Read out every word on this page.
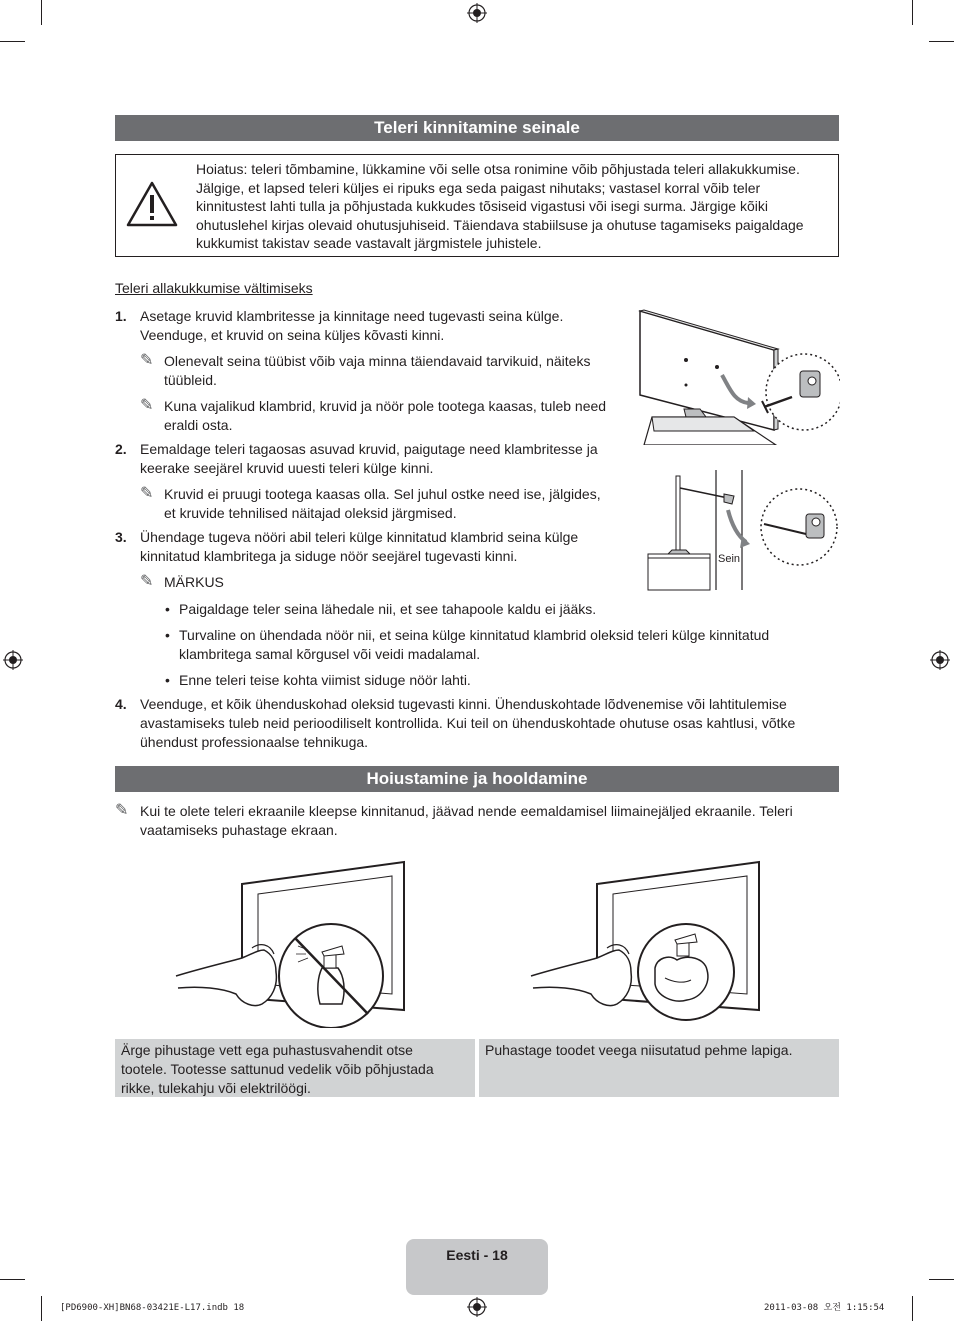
Teleri kinnitamine seinale
Hoiatus: teleri tõmbamine, lükkamine või selle otsa ronimine võib põhjustada teleri allakukkumise. Jälgige, et lapsed teleri küljes ei ripuks ega seda paigast nihutaks; vastasel korral võib teler kinnitustest lahti tulla ja põhjustada kukkudes tõsiseid vigastusi või isegi surma. Järgige kõiki ohutuslehel kirjas olevaid ohutusjuhiseid. Täiendava stabiilsuse ja ohutuse tagamiseks paigaldage kukkumist takistav seade vastavalt järgmistele juhistele.
Teleri allakukkumise vältimiseks
1. Asetage kruvid klambritesse ja kinnitage need tugevasti seina külge.
Veenduge, et kruvid on seina küljes kõvasti kinni.
✎ Olenevalt seina tüübist võib vaja minna täiendavaid tarvikuid, näiteks
tüübleid.
✎ Kuna vajalikud klambrid, kruvid ja nöör pole tootega kaasas, tuleb need
eraldi osta.
2. Eemaldage teleri tagaosas asuvad kruvid, paigutage need klambritesse ja
keerake seejärel kruvid uuesti teleri külge kinni.
✎ Kruvid ei pruugi tootega kaasas olla. Sel juhul ostke need ise, jälgides,
et kruvide tehnilised näitajad oleksid järgmised.
3. Ühendage tugeva nööri abil teleri külge kinnitatud klambrid seina külge
kinnitatud klambritega ja siduge nöör seejärel tugevasti kinni.
✎ MÄRKUS
• Paigaldage teler seina lähedale nii, et see tahapoole kaldu ei jääks.
• Turvaline on ühendada nöör nii, et seina külge kinnitatud klambrid oleksid teleri külge kinnitatud
klambritega samal kõrgusel või veidi madalamal.
• Enne teleri teise kohta viimist siduge nöör lahti.
4. Veenduge, et kõik ühenduskohad oleksid tugevasti kinni. Ühenduskohtade lõdvenemise või lahtitulemise
avastamiseks tuleb neid perioodiliselt kontrollida. Kui teil on ühenduskohtade ohutuse osas kahtlusi, võtke
ühendust professionaalse tehnikuga.
Sein
Hoiustamine ja hooldamine
✎ Kui te olete teleri ekraanile kleepse kinnitanud, jäävad nende eemaldamisel liimainejäljed ekraanile. Teleri
vaatamiseks puhastage ekraan.
Ärge pihustage vett ega puhastusvahendit otse
tootele. Tootesse sattunud vedelik võib põhjustada
rikke, tulekahju või elektrilöögi.
Puhastage toodet veega niisutatud pehme lapiga.
Eesti - 18
[PD6900-XH]BN68-03421E-L17.indb 18	2011-03-08 오전 1:15:54
